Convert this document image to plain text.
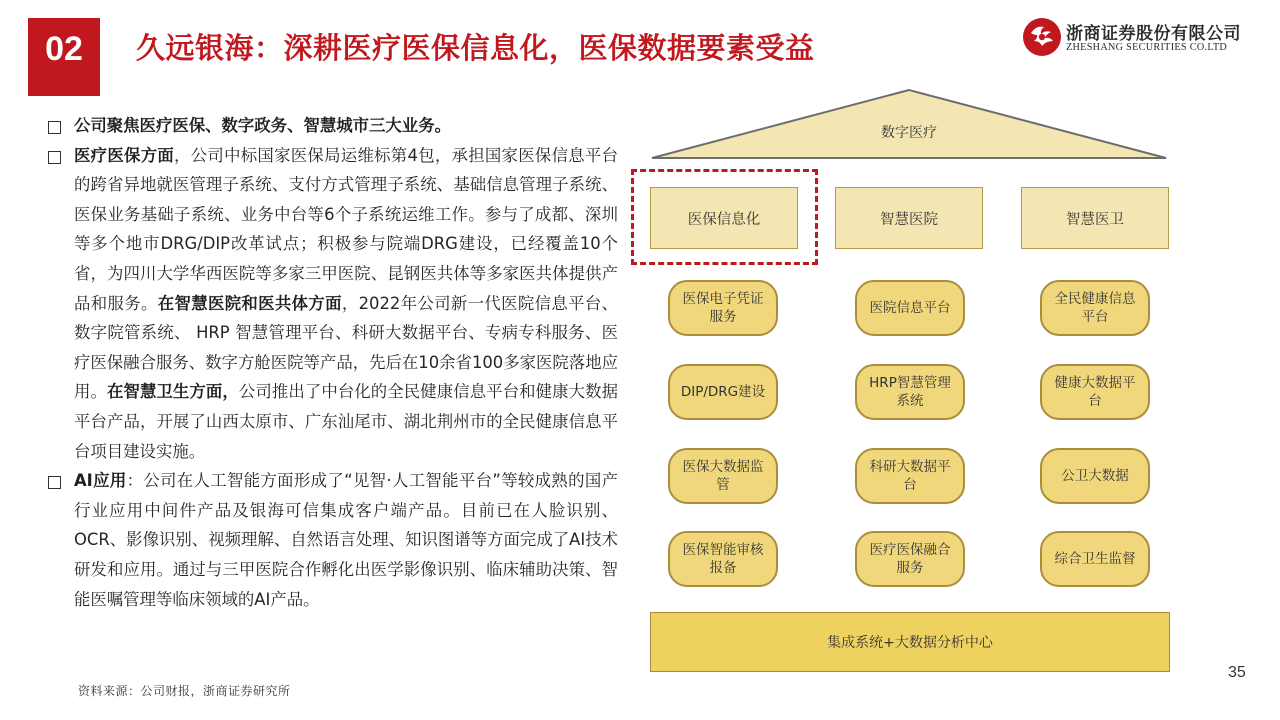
02	久远银海：深耕医疗医保信息化，医保数据要素受益	浙商证券股份有限公司
ZHESHANG SECURITIES CO.LTD

公司聚焦医疗医保、数字政务、智慧城市三大业务。

医疗医保方面，公司中标国家医保局运维标第4包，承担国家医保信息平台的跨省异地就医管理子系统、支付方式管理子系统、基础信息管理子系统、医保业务基础子系统、业务中台等6个子系统运维工作。参与了成都、深圳等多个地市DRG/DIP改革试点；积极参与院端DRG建设，已经覆盖10个省，为四川大学华西医院等多家三甲医院、昆钢医共体等多家医共体提供产品和服务。在智慧医院和医共体方面，2022年公司新一代医院信息平台、数字院管系统、 HRP 智慧管理平台、科研大数据平台、专病专科服务、医疗医保融合服务、数字方舱医院等产品，先后在10余省100多家医院落地应用。在智慧卫生方面，公司推出了中台化的全民健康信息平台和健康大数据平台产品，开展了山西太原市、广东汕尾市、湖北荆州市的全民健康信息平台项目建设实施。

AI应用：公司在人工智能方面形成了“见智·人工智能平台”等较成熟的国产行业应用中间件产品及银海可信集成客户端产品。目前已在人脸识别、OCR、影像识别、视频理解、自然语言处理、知识图谱等方面完成了AI技术研发和应用。通过与三甲医院合作孵化出医学影像识别、临床辅助决策、智能医嘱管理等临床领域的AI产品。

数字医疗
医保信息化	智慧医院	智慧医卫
医保电子凭证服务
DIP/DRG建设
医保大数据监管
医保智能审核报备
医院信息平台
HRP智慧管理系统
科研大数据平台
医疗医保融合服务
全民健康信息平台
健康大数据平台
公卫大数据
综合卫生监督
集成系统+大数据分析中心
资料来源：公司财报，浙商证券研究所
35
